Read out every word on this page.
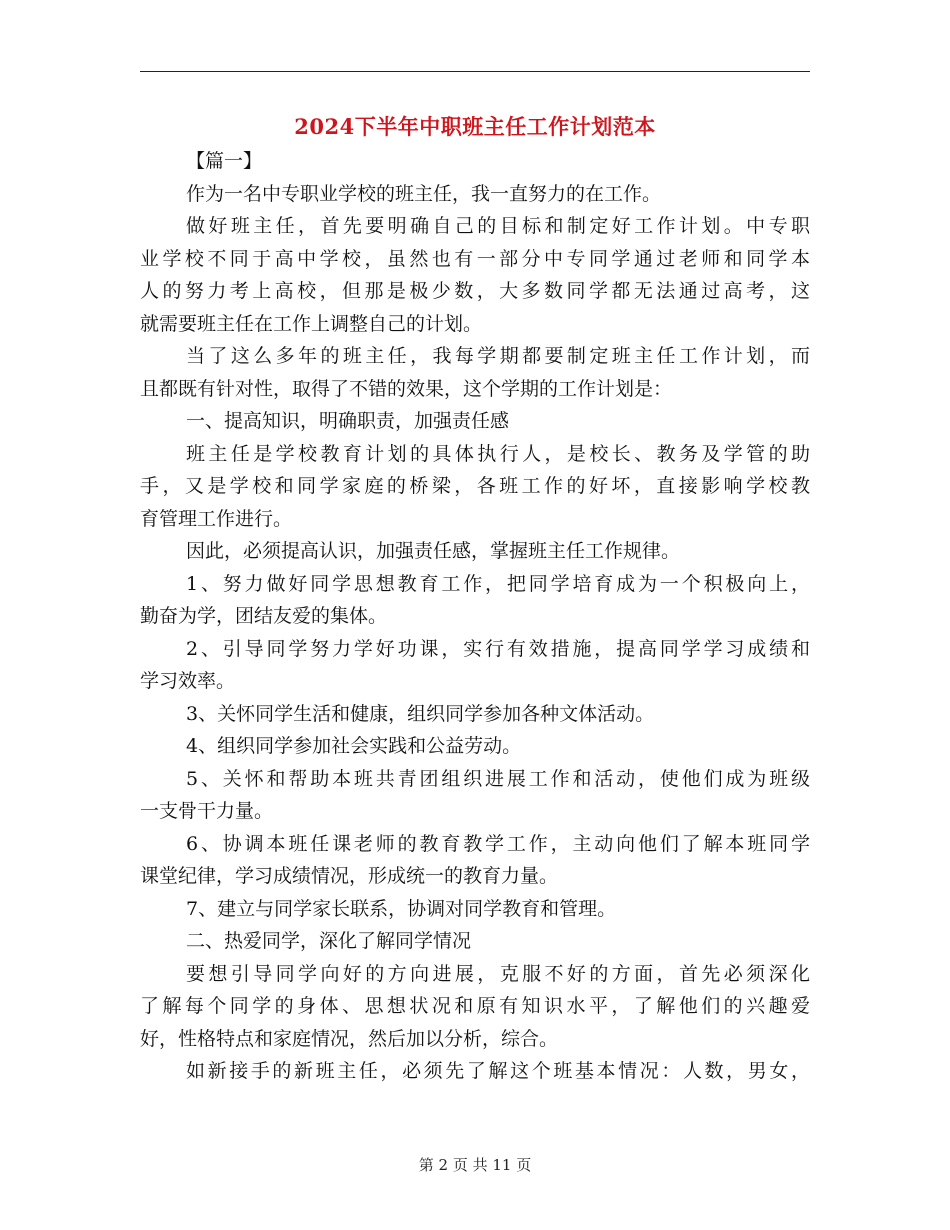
2024下半年中职班主任工作计划范本
【篇一】
作为一名中专职业学校的班主任，我一直努力的在工作。
做好班主任，首先要明确自己的目标和制定好工作计划。中专职
业学校不同于高中学校，虽然也有一部分中专同学通过老师和同学本
人的努力考上高校，但那是极少数，大多数同学都无法通过高考，这
就需要班主任在工作上调整自己的计划。
当了这么多年的班主任，我每学期都要制定班主任工作计划，而
且都既有针对性，取得了不错的效果，这个学期的工作计划是：
一、提高知识，明确职责，加强责任感
班主任是学校教育计划的具体执行人，是校长、教务及学管的助
手，又是学校和同学家庭的桥梁，各班工作的好坏，直接影响学校教
育管理工作进行。
因此，必须提高认识，加强责任感，掌握班主任工作规律。
1、努力做好同学思想教育工作，把同学培育成为一个积极向上，
勤奋为学，团结友爱的集体。
2、引导同学努力学好功课，实行有效措施，提高同学学习成绩和
学习效率。
3、关怀同学生活和健康，组织同学参加各种文体活动。
4、组织同学参加社会实践和公益劳动。
5、关怀和帮助本班共青团组织进展工作和活动，使他们成为班级
一支骨干力量。
6、协调本班任课老师的教育教学工作，主动向他们了解本班同学
课堂纪律，学习成绩情况，形成统一的教育力量。
7、建立与同学家长联系，协调对同学教育和管理。
二、热爱同学，深化了解同学情况
要想引导同学向好的方向进展，克服不好的方面，首先必须深化
了解每个同学的身体、思想状况和原有知识水平，了解他们的兴趣爱
好，性格特点和家庭情况，然后加以分析，综合。
如新接手的新班主任，必须先了解这个班基本情况：人数，男女，
第 2 页 共 11 页
